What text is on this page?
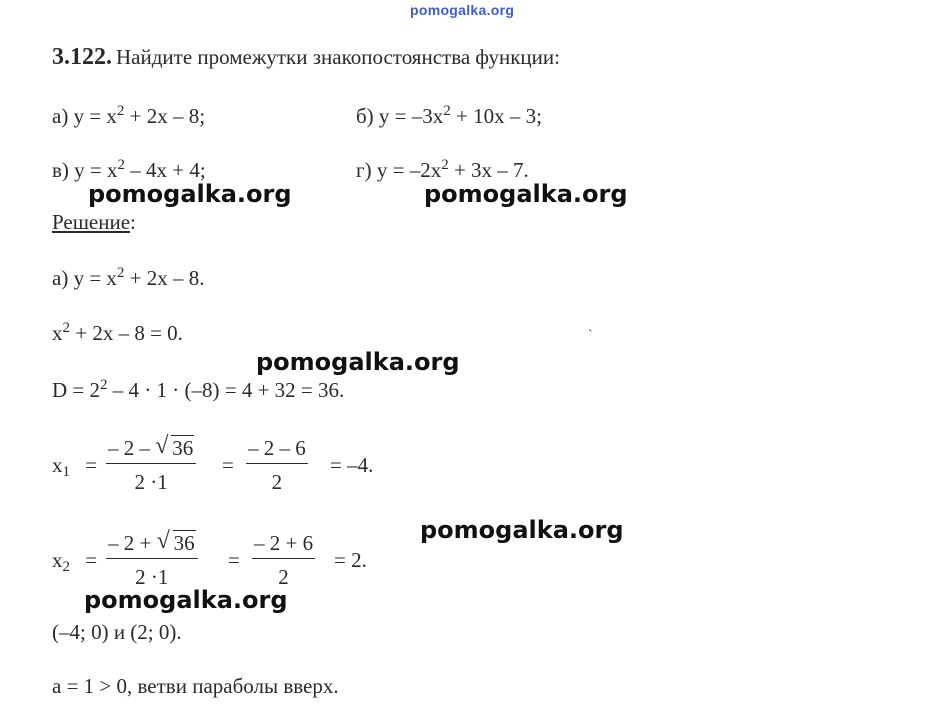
pomogalka.org
3.122. Найдите промежутки знакопостоянства функции:
а) $y = x^2 + 2x - 8$;	б) $y = -3x^2 + 10x - 3$;
в) $y = x^2 - 4x + 4$;	г) $y = -2x^2 + 3x - 7$.
pomogalka.org	pomogalka.org
Решение:
а) $y = x^2 + 2x - 8$.
$x^2 + 2x - 8 = 0$.	ˋ
pomogalka.org
$D = 2^2 - 4 \cdot 1 \cdot (-8) = 4 + 32 = 36$.
$x_1$ =
– 2 – √ 36
2 ·1
=
– 2 – 6
2
= –4.
pomogalka.org
$x_2$ =
– 2 + √ 36
2 ·1
=
– 2 + 6
2
= 2.
pomogalka.org
(–4; 0) и (2; 0).
a = 1 > 0, ветви параболы вверх.
